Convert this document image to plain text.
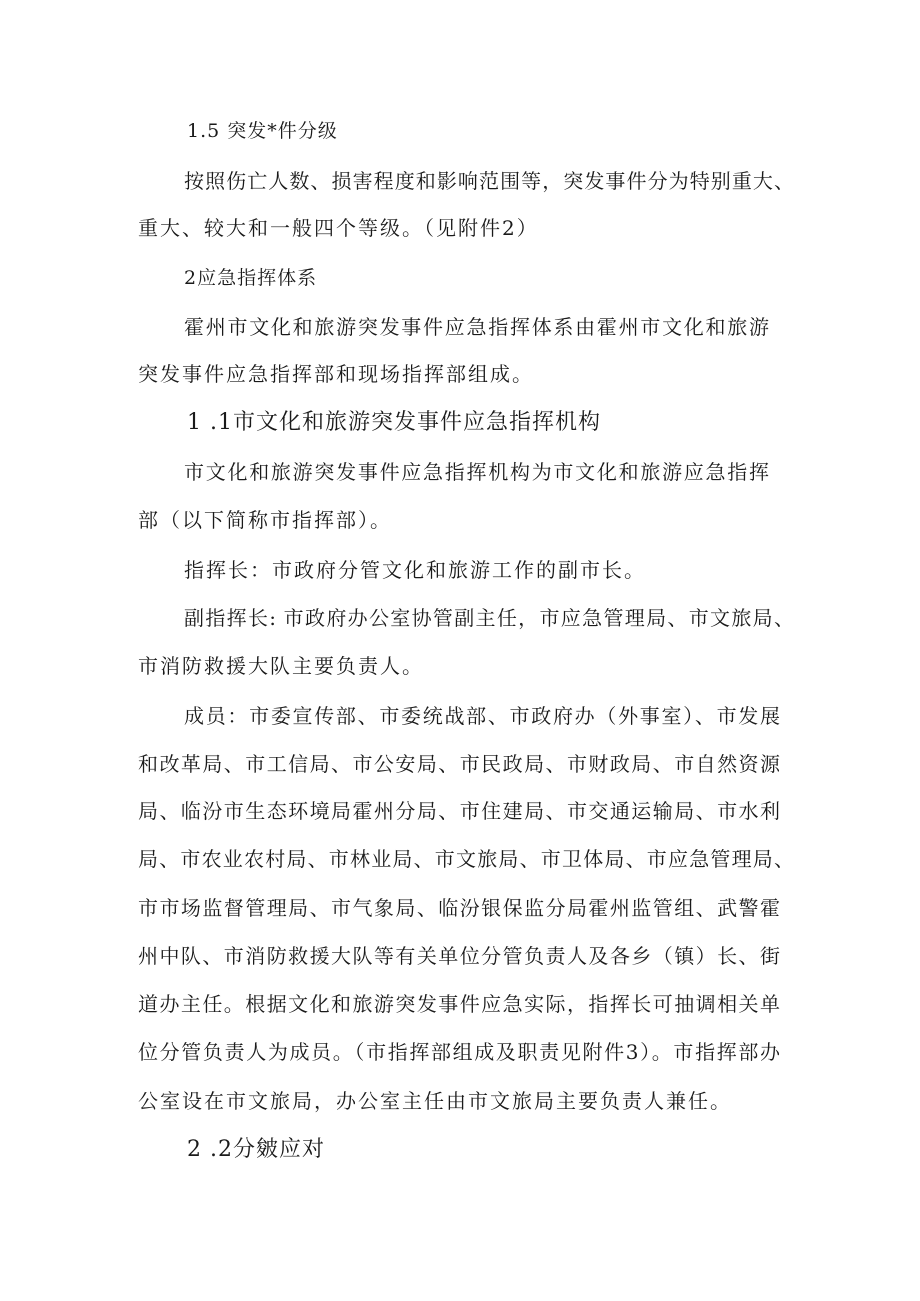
1.5 突发*件分级
按照伤亡人数、损害程度和影响范围等，突发事件分为特别重大、
重大、较大和一般四个等级。（见附件2）
2应急指挥体系
霍州市文化和旅游突发事件应急指挥体系由霍州市文化和旅游
突发事件应急指挥部和现场指挥部组成。
1 .1市文化和旅游突发事件应急指挥机构
市文化和旅游突发事件应急指挥机构为市文化和旅游应急指挥
部（以下简称市指挥部）。
指挥长：市政府分管文化和旅游工作的副市长。
副指挥长: 市政府办公室协管副主任，市应急管理局、市文旅局、
市消防救援大队主要负责人。
成员：市委宣传部、市委统战部、市政府办（外事室）、市发展
和改革局、市工信局、市公安局、市民政局、市财政局、市自然资源
局、临汾市生态环境局霍州分局、市住建局、市交通运输局、市水利
局、市农业农村局、市林业局、市文旅局、市卫体局、市应急管理局、
市市场监督管理局、市气象局、临汾银保监分局霍州监管组、武警霍
州中队、市消防救援大队等有关单位分管负责人及各乡（镇）长、街
道办主任。根据文化和旅游突发事件应急实际，指挥长可抽调相关单
位分管负责人为成员。（市指挥部组成及职责见附件3）。市指挥部办
公室设在市文旅局，办公室主任由市文旅局主要负责人兼任。
2 .2分皴应对
